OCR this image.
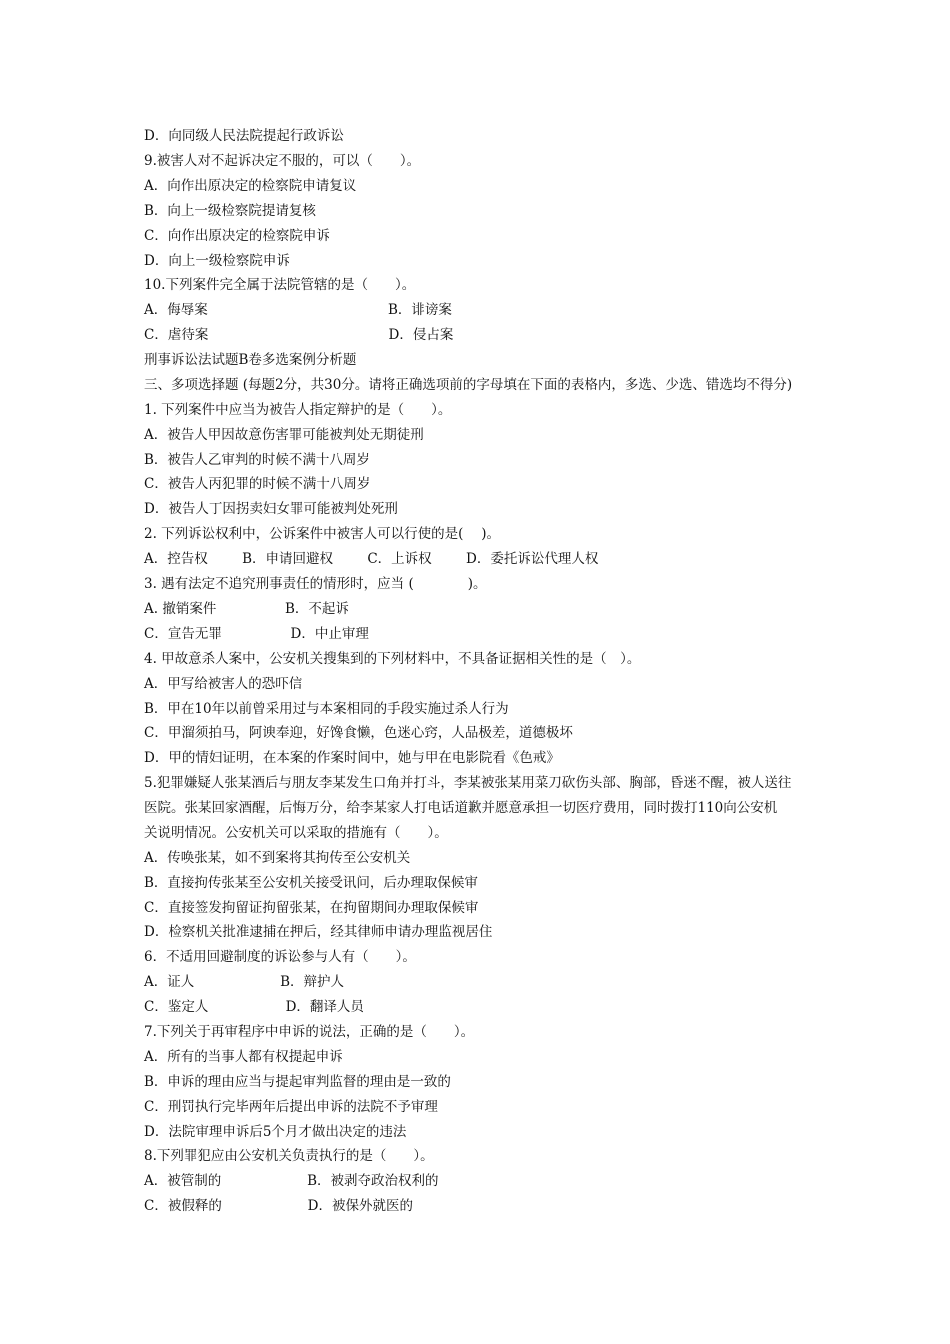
D．向同级人民法院提起行政诉讼
9.被害人对不起诉决定不服的，可以（　　）。
A．向作出原决定的检察院申请复议
B．向上一级检察院提请复核
C．向作出原决定的检察院申诉
D．向上一级检察院申诉
10.下列案件完全属于法院管辖的是（　　）。
A．侮辱案                                          B．诽谤案
C．虐待案                                          D．侵占案
刑事诉讼法试题B卷多选案例分析题
三、多项选择题 (每题2分，共30分。请将正确选项前的字母填在下面的表格内，多选、少选、错选均不得分)
1. 下列案件中应当为被告人指定辩护的是（　　）。
A．被告人甲因故意伤害罪可能被判处无期徒刑
B．被告人乙审判的时候不满十八周岁
C．被告人丙犯罪的时候不满十八周岁
D．被告人丁因拐卖妇女罪可能被判处死刑
2. 下列诉讼权利中，公诉案件中被害人可以行使的是(　 )。
A．控告权        B．申请回避权        C．上诉权        D．委托诉讼代理人权
3. 遇有法定不追究刑事责任的情形时，应当 (　　　　)。
A. 撤销案件                B．不起诉
C．宣告无罪                D．中止审理
4. 甲故意杀人案中，公安机关搜集到的下列材料中，不具备证据相关性的是（　）。
A．甲写给被害人的恐吓信
B．甲在10年以前曾采用过与本案相同的手段实施过杀人行为
C．甲溜须拍马，阿谀奉迎，好馋食懒，色迷心窍，人品极差，道德极坏
D．甲的情妇证明，在本案的作案时间中，她与甲在电影院看《色戒》
5.犯罪嫌疑人张某酒后与朋友李某发生口角并打斗，李某被张某用菜刀砍伤头部、胸部，昏迷不醒，被人送往
医院。张某回家酒醒，后悔万分，给李某家人打电话道歉并愿意承担一切医疗费用，同时拨打110向公安机
关说明情况。公安机关可以采取的措施有（　　）。
A．传唤张某，如不到案将其拘传至公安机关
B．直接拘传张某至公安机关接受讯问，后办理取保候审
C．直接签发拘留证拘留张某，在拘留期间办理取保候审
D．检察机关批准逮捕在押后，经其律师申请办理监视居住
6．不适用回避制度的诉讼参与人有（　　）。
A．证人                    B．辩护人
C．鉴定人                  D．翻译人员
7.下列关于再审程序中申诉的说法，正确的是（　　）。
A．所有的当事人都有权提起申诉
B．申诉的理由应当与提起审判监督的理由是一致的
C．刑罚执行完毕两年后提出申诉的法院不予审理
D．法院审理申诉后5个月才做出决定的违法
8.下列罪犯应由公安机关负责执行的是（　　）。
A．被管制的                    B．被剥夺政治权利的
C．被假释的                    D．被保外就医的
